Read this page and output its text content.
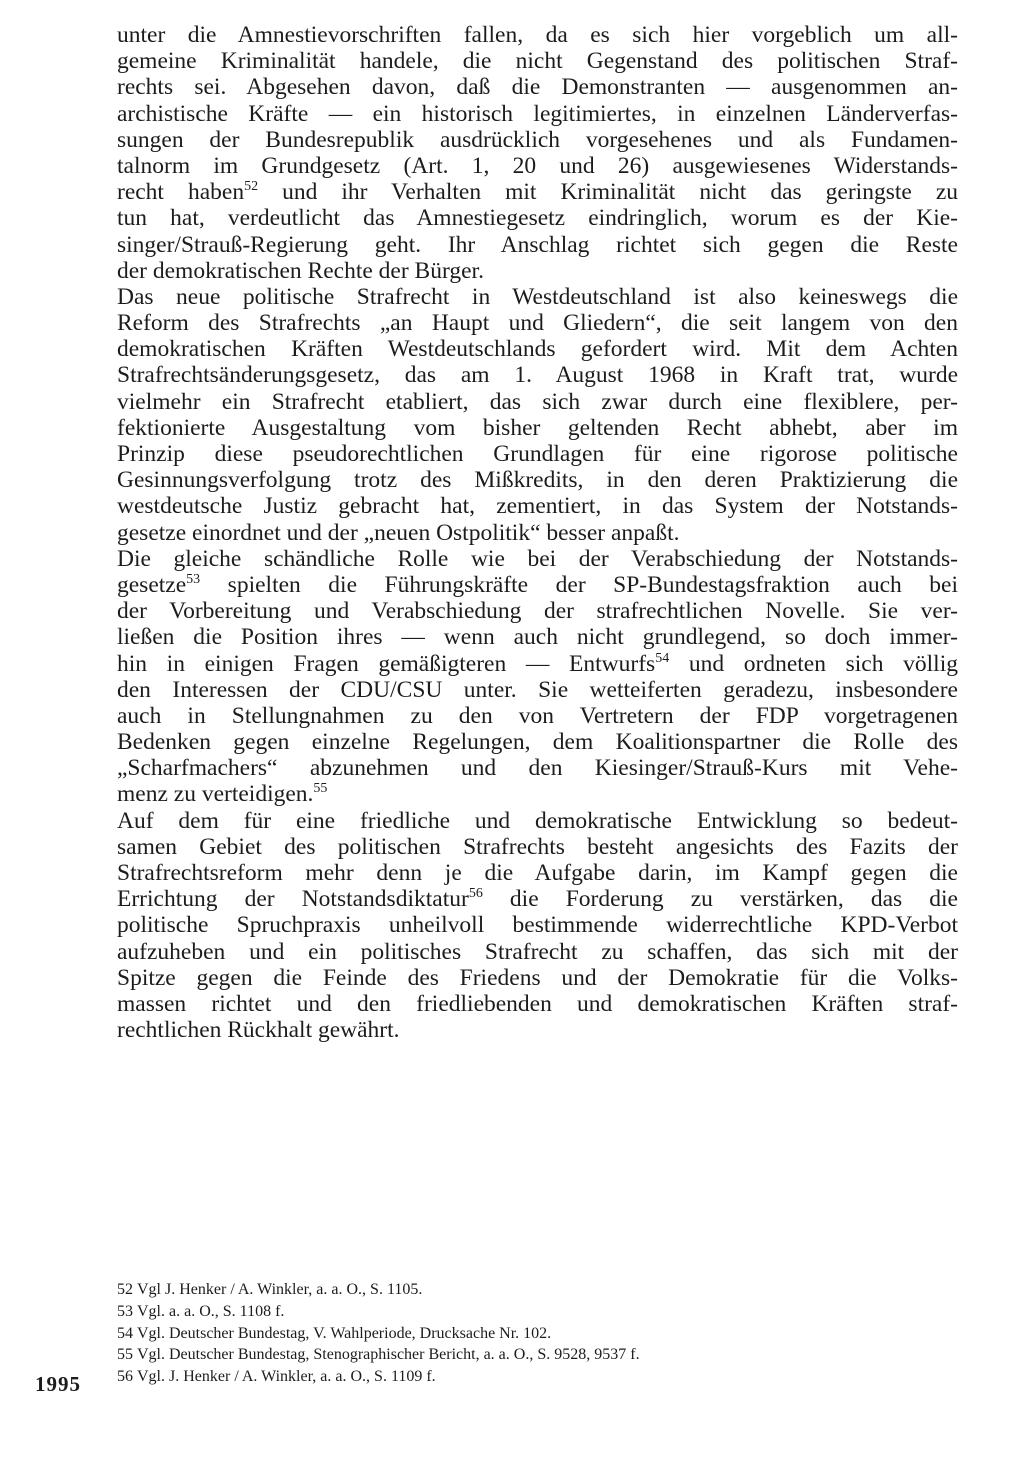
unter die Amnestievorschriften fallen, da es sich hier vorgeblich um all-
gemeine Kriminalität handele, die nicht Gegenstand des politischen Straf-
rechts sei. Abgesehen davon, daß die Demonstranten — ausgenommen an-
archistische Kräfte — ein historisch legitimiertes, in einzelnen Länderverfas-
sungen der Bundesrepublik ausdrücklich vorgesehenes und als Fundamen-
talnorm im Grundgesetz (Art. 1, 20 und 26) ausgewiesenes Widerstands-
recht haben$^{52}$ und ihr Verhalten mit Kriminalität nicht das geringste zu
tun hat, verdeutlicht das Amnestiegesetz eindringlich, worum es der Kie-
singer/Strauß-Regierung geht. Ihr Anschlag richtet sich gegen die Reste
der demokratischen Rechte der Bürger.
Das neue politische Strafrecht in Westdeutschland ist also keineswegs die
Reform des Strafrechts „an Haupt und Gliedern“, die seit langem von den
demokratischen Kräften Westdeutschlands gefordert wird. Mit dem Achten
Strafrechtsänderungsgesetz, das am 1. August 1968 in Kraft trat, wurde
vielmehr ein Strafrecht etabliert, das sich zwar durch eine flexiblere, per-
fektionierte Ausgestaltung vom bisher geltenden Recht abhebt, aber im
Prinzip diese pseudorechtlichen Grundlagen für eine rigorose politische
Gesinnungsverfolgung trotz des Mißkredits, in den deren Praktizierung die
westdeutsche Justiz gebracht hat, zementiert, in das System der Notstands-
gesetze einordnet und der „neuen Ostpolitik“ besser anpaßt.
Die gleiche schändliche Rolle wie bei der Verabschiedung der Notstands-
gesetze$^{53}$ spielten die Führungskräfte der SP-Bundestagsfraktion auch bei
der Vorbereitung und Verabschiedung der strafrechtlichen Novelle. Sie ver-
ließen die Position ihres — wenn auch nicht grundlegend, so doch immer-
hin in einigen Fragen gemäßigteren — Entwurfs$^{54}$ und ordneten sich völlig
den Interessen der CDU/CSU unter. Sie wetteiferten geradezu, insbesondere
auch in Stellungnahmen zu den von Vertretern der FDP vorgetragenen
Bedenken gegen einzelne Regelungen, dem Koalitionspartner die Rolle des
„Scharfmachers“ abzunehmen und den Kiesinger/Strauß-Kurs mit Vehe-
menz zu verteidigen.$^{55}$
Auf dem für eine friedliche und demokratische Entwicklung so bedeut-
samen Gebiet des politischen Strafrechts besteht angesichts des Fazits der
Strafrechtsreform mehr denn je die Aufgabe darin, im Kampf gegen die
Errichtung der Notstandsdiktatur$^{56}$ die Forderung zu verstärken, das die
politische Spruchpraxis unheilvoll bestimmende widerrechtliche KPD-Verbot
aufzuheben und ein politisches Strafrecht zu schaffen, das sich mit der
Spitze gegen die Feinde des Friedens und der Demokratie für die Volks-
massen richtet und den friedliebenden und demokratischen Kräften straf-
rechtlichen Rückhalt gewährt.
52Vgl J. Henker / A. Winkler, a. a. O., S. 1105.
53Vgl. a. a. O., S. 1108 f.
54Vgl. Deutscher Bundestag, V. Wahlperiode, Drucksache Nr. 102.
55Vgl. Deutscher Bundestag, Stenographischer Bericht, a. a. O., S. 9528, 9537 f.
56Vgl. J. Henker / A. Winkler, a. a. O., S. 1109 f.
1995
